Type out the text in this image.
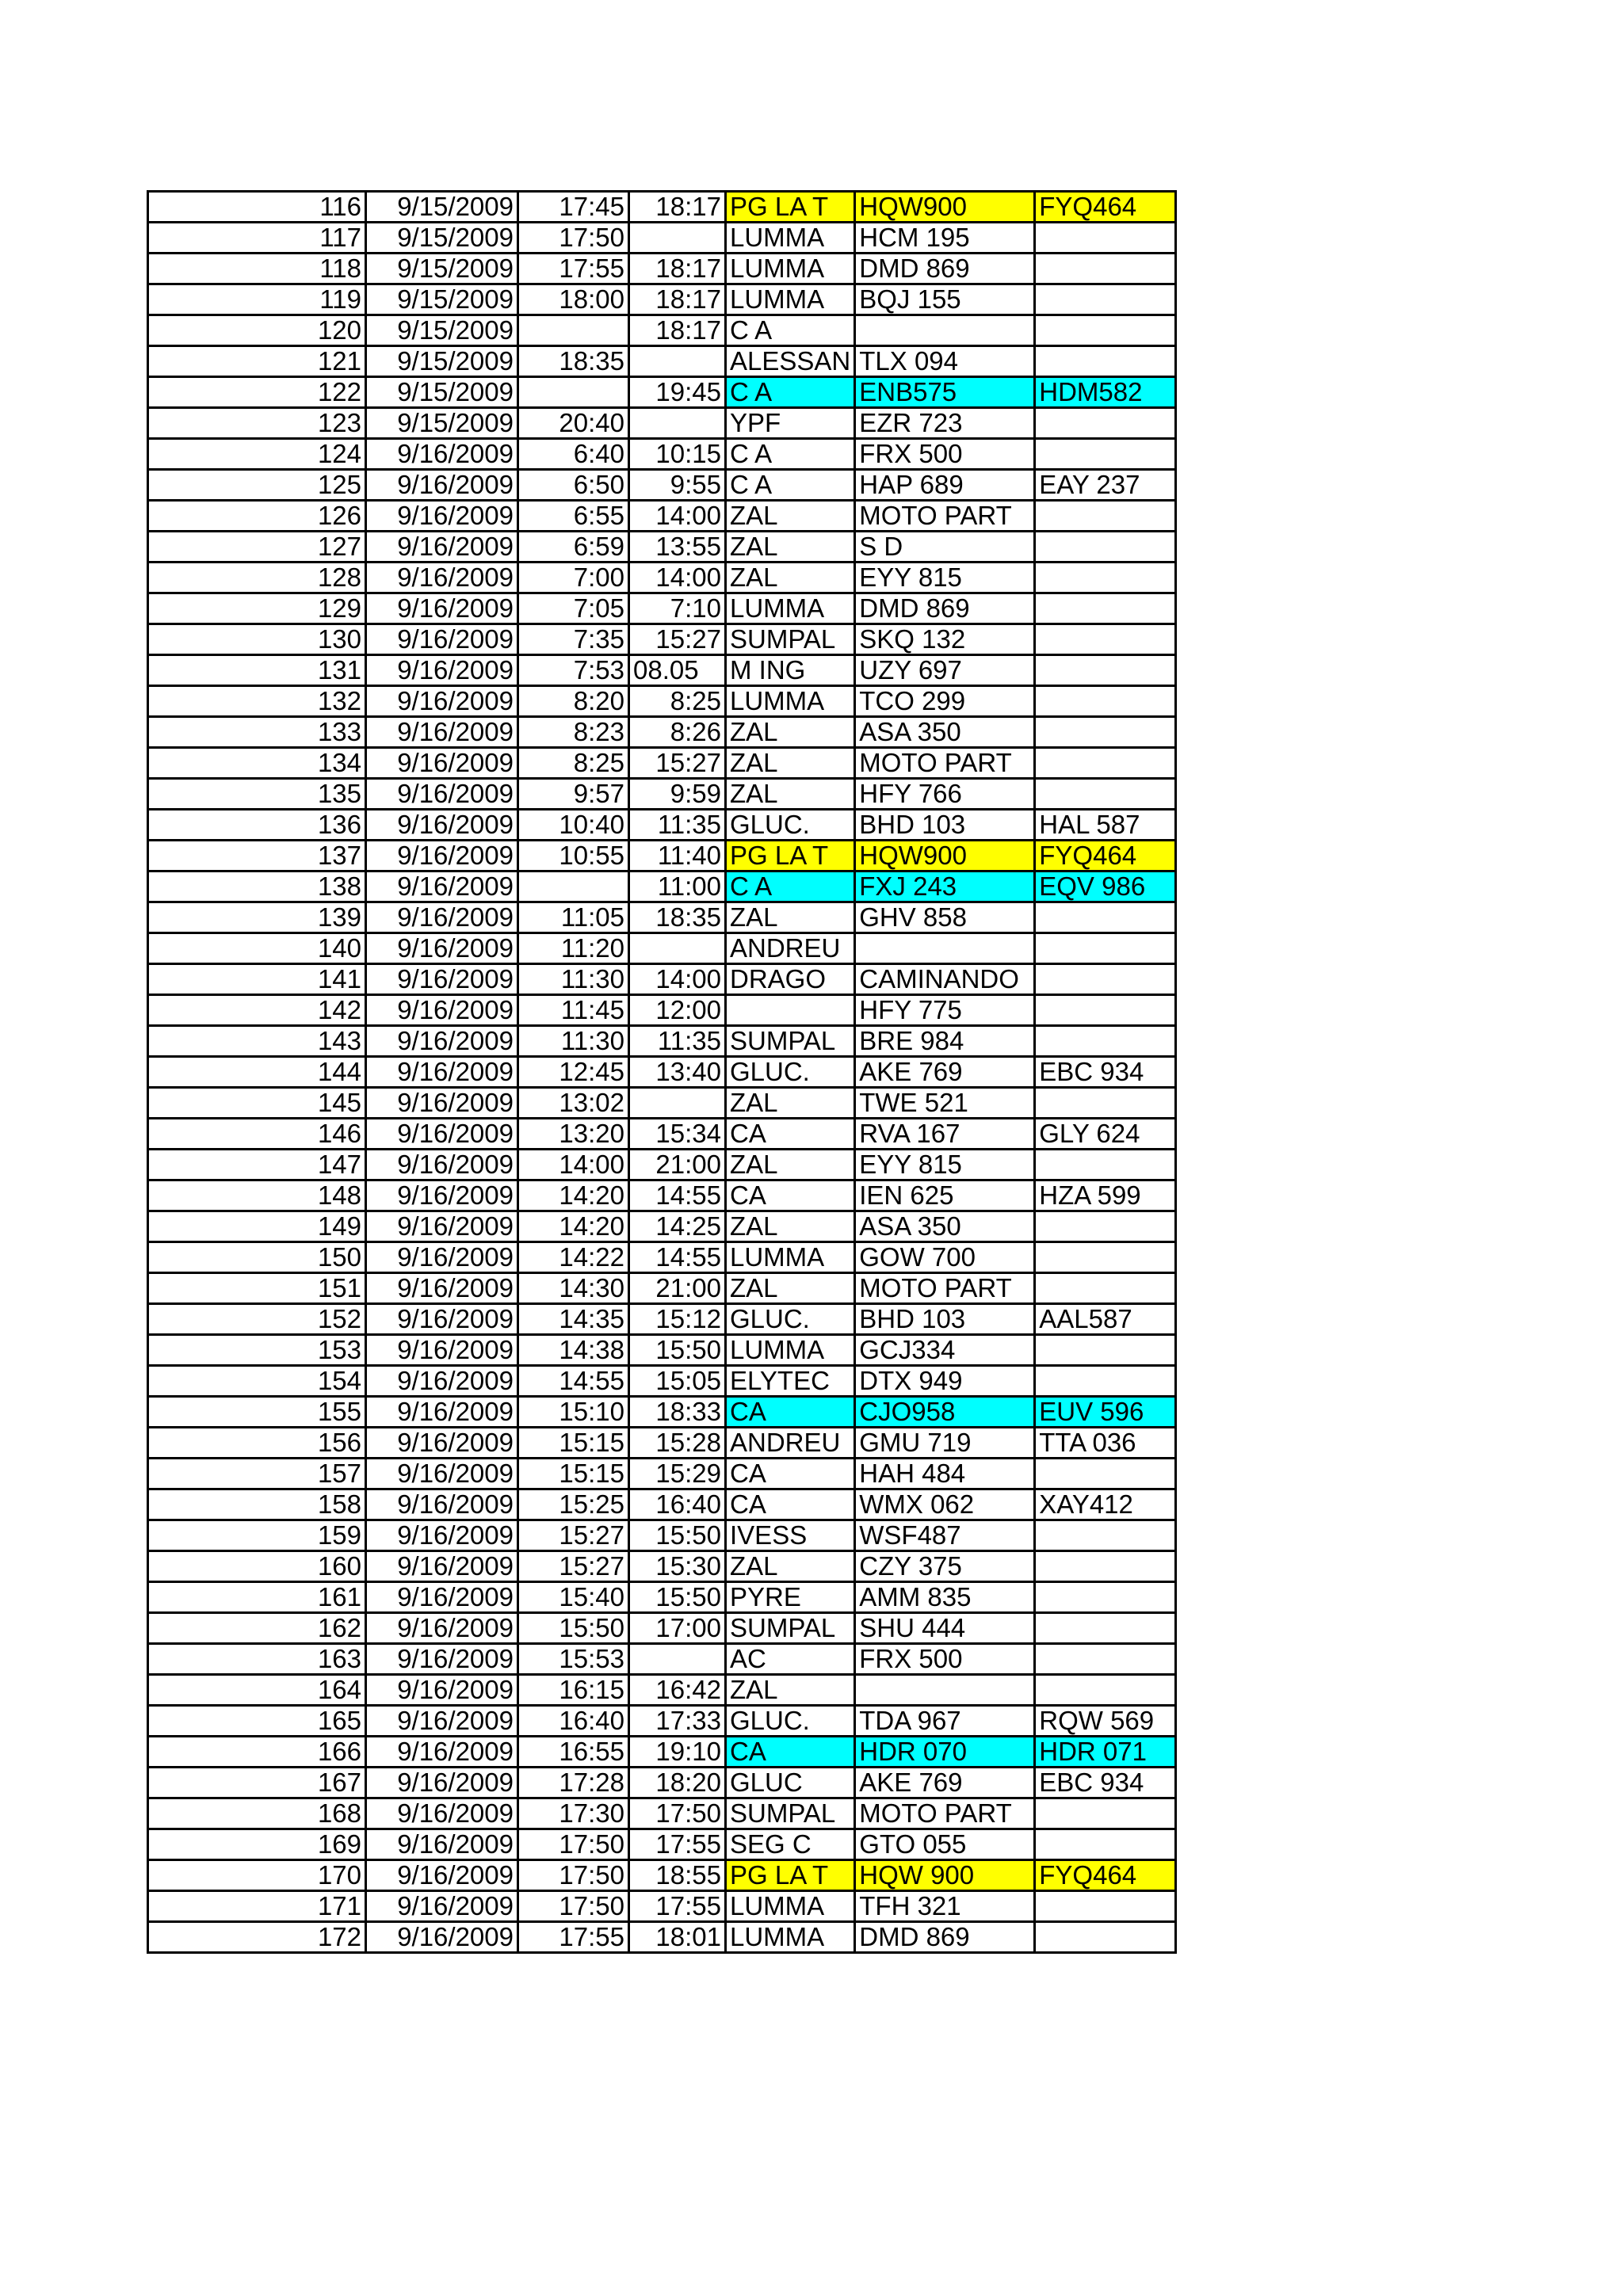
116	9/15/2009	17:45	18:17	PG LA T	HQW900	FYQ464
117	9/15/2009	17:50		LUMMA	HCM 195	
118	9/15/2009	17:55	18:17	LUMMA	DMD 869	
119	9/15/2009	18:00	18:17	LUMMA	BQJ 155	
120	9/15/2009		18:17	C A		
121	9/15/2009	18:35		ALESSAN	TLX 094	
122	9/15/2009		19:45	C A	ENB575	HDM582
123	9/15/2009	20:40		YPF	EZR 723	
124	9/16/2009	6:40	10:15	C A	FRX 500	
125	9/16/2009	6:50	9:55	C A	HAP 689	EAY 237
126	9/16/2009	6:55	14:00	ZAL	MOTO PART	
127	9/16/2009	6:59	13:55	ZAL	S D	
128	9/16/2009	7:00	14:00	ZAL	EYY 815	
129	9/16/2009	7:05	7:10	LUMMA	DMD 869	
130	9/16/2009	7:35	15:27	SUMPAL	SKQ 132	
131	9/16/2009	7:53	08.05	M ING	UZY 697	
132	9/16/2009	8:20	8:25	LUMMA	TCO 299	
133	9/16/2009	8:23	8:26	ZAL	ASA 350	
134	9/16/2009	8:25	15:27	ZAL	MOTO PART	
135	9/16/2009	9:57	9:59	ZAL	HFY 766	
136	9/16/2009	10:40	11:35	GLUC.	BHD 103	HAL 587
137	9/16/2009	10:55	11:40	PG LA T	HQW900	FYQ464
138	9/16/2009		11:00	C A	FXJ 243	EQV 986
139	9/16/2009	11:05	18:35	ZAL	GHV 858	
140	9/16/2009	11:20		ANDREU		
141	9/16/2009	11:30	14:00	DRAGO	CAMINANDO	
142	9/16/2009	11:45	12:00		HFY 775	
143	9/16/2009	11:30	11:35	SUMPAL	BRE 984	
144	9/16/2009	12:45	13:40	GLUC.	AKE 769	EBC 934
145	9/16/2009	13:02		ZAL	TWE 521	
146	9/16/2009	13:20	15:34	CA	RVA 167	GLY 624
147	9/16/2009	14:00	21:00	ZAL	EYY 815	
148	9/16/2009	14:20	14:55	CA	IEN 625	HZA 599
149	9/16/2009	14:20	14:25	ZAL	ASA 350	
150	9/16/2009	14:22	14:55	LUMMA	GOW 700	
151	9/16/2009	14:30	21:00	ZAL	MOTO PART	
152	9/16/2009	14:35	15:12	GLUC.	BHD 103	AAL587
153	9/16/2009	14:38	15:50	LUMMA	GCJ334	
154	9/16/2009	14:55	15:05	ELYTEC	DTX 949	
155	9/16/2009	15:10	18:33	CA	CJO958	EUV 596
156	9/16/2009	15:15	15:28	ANDREU	GMU 719	TTA 036
157	9/16/2009	15:15	15:29	CA	HAH 484	
158	9/16/2009	15:25	16:40	CA	WMX 062	XAY412
159	9/16/2009	15:27	15:50	IVESS	WSF487	
160	9/16/2009	15:27	15:30	ZAL	CZY 375	
161	9/16/2009	15:40	15:50	PYRE	AMM 835	
162	9/16/2009	15:50	17:00	SUMPAL	SHU 444	
163	9/16/2009	15:53		AC	FRX 500	
164	9/16/2009	16:15	16:42	ZAL		
165	9/16/2009	16:40	17:33	GLUC.	TDA 967	RQW 569
166	9/16/2009	16:55	19:10	CA	HDR 070	HDR 071
167	9/16/2009	17:28	18:20	GLUC	AKE 769	EBC 934
168	9/16/2009	17:30	17:50	SUMPAL	MOTO PART	
169	9/16/2009	17:50	17:55	SEG C	GTO 055	
170	9/16/2009	17:50	18:55	PG LA T	HQW 900	FYQ464
171	9/16/2009	17:50	17:55	LUMMA	TFH 321	
172	9/16/2009	17:55	18:01	LUMMA	DMD 869	
